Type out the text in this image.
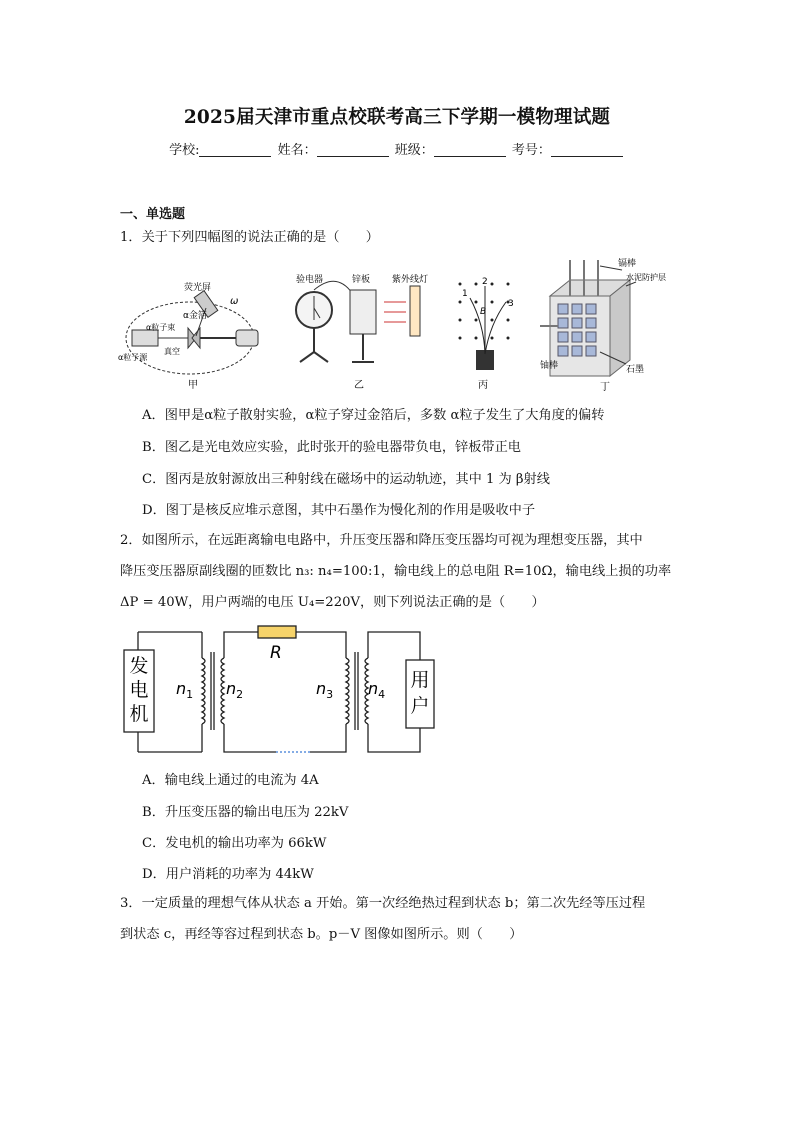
2025届天津市重点校联考高三下学期一模物理试题
学校:	姓名：	班级：	考号：
一、单选题
1．关于下列四幅图的说法正确的是（　　）
荧光屏
α金箔
α粒子束
真空
α粒子源
ω
甲
验电器	锌板 紫外线灯
乙
1
2
3
B
丙
镉棒
水泥防护层
铀棒	石墨
丁
A．图甲是α粒子散射实验，α粒子穿过金箔后，多数 α粒子发生了大角度的偏转
B．图乙是光电效应实验，此时张开的验电器带负电，锌板带正电
C．图丙是放射源放出三种射线在磁场中的运动轨迹，其中 1 为 β射线
D．图丁是核反应堆示意图，其中石墨作为慢化剂的作用是吸收中子
2．如图所示，在远距离输电电路中，升压变压器和降压变压器均可视为理想变压器，其中
降压变压器原副线圈的匝数比 n₃: n₄=100:1，输电线上的总电阻 R=10Ω，输电线上损的功率
ΔP = 40W，用户两端的电压 U₄=220V，则下列说法正确的是（　　）
发
电
机
R
用
户
$n_1$ $n_2$	$n_3$ $n_4$
A．输电线上通过的电流为 4A
B．升压变压器的输出电压为 22kV
C．发电机的输出功率为 66kW
D．用户消耗的功率为 44kW
3．一定质量的理想气体从状态 a 开始。第一次经绝热过程到状态 b；第二次先经等压过程
到状态 c，再经等容过程到状态 b。p－V 图像如图所示。则（　　）
